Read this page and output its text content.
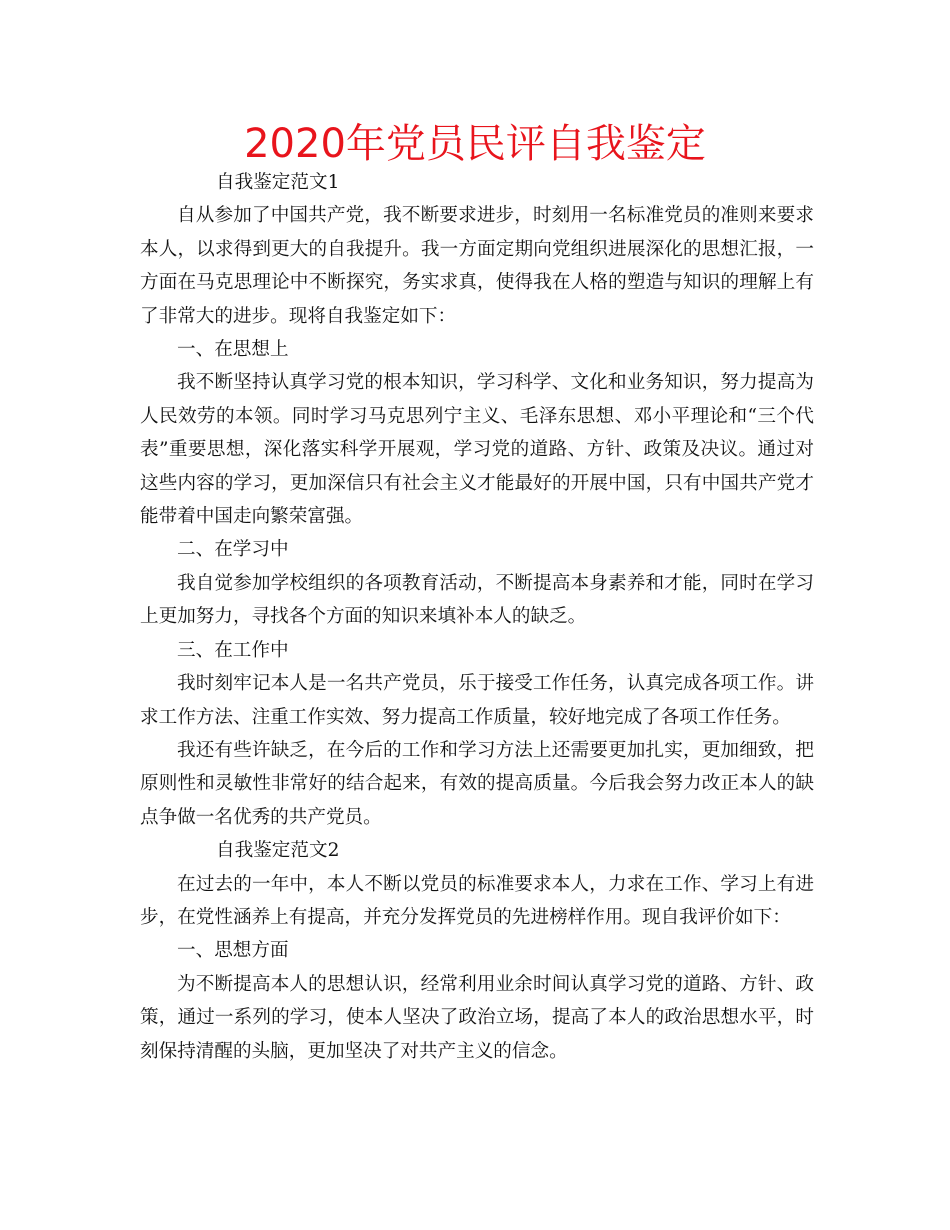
2020年党员民评自我鉴定

自我鉴定范文1

自从参加了中国共产党，我不断要求进步，时刻用一名标准党员的准则来要求本人，以求得到更大的自我提升。我一方面定期向党组织进展深化的思想汇报，一方面在马克思理论中不断探究，务实求真，使得我在人格的塑造与知识的理解上有了非常大的进步。现将自我鉴定如下：

一、在思想上

我不断坚持认真学习党的根本知识，学习科学、文化和业务知识，努力提高为人民效劳的本领。同时学习马克思列宁主义、毛泽东思想、邓小平理论和“三个代表”重要思想，深化落实科学开展观，学习党的道路、方针、政策及决议。通过对这些内容的学习，更加深信只有社会主义才能最好的开展中国，只有中国共产党才能带着中国走向繁荣富强。

二、在学习中

我自觉参加学校组织的各项教育活动，不断提高本身素养和才能，同时在学习上更加努力，寻找各个方面的知识来填补本人的缺乏。

三、在工作中

我时刻牢记本人是一名共产党员，乐于接受工作任务，认真完成各项工作。讲求工作方法、注重工作实效、努力提高工作质量，较好地完成了各项工作任务。

我还有些许缺乏，在今后的工作和学习方法上还需要更加扎实，更加细致，把原则性和灵敏性非常好的结合起来，有效的提高质量。今后我会努力改正本人的缺点争做一名优秀的共产党员。

自我鉴定范文2

在过去的一年中，本人不断以党员的标准要求本人，力求在工作、学习上有进步，在党性涵养上有提高，并充分发挥党员的先进榜样作用。现自我评价如下：

一、思想方面

为不断提高本人的思想认识，经常利用业余时间认真学习党的道路、方针、政策，通过一系列的学习，使本人坚决了政治立场，提高了本人的政治思想水平，时刻保持清醒的头脑，更加坚决了对共产主义的信念。
